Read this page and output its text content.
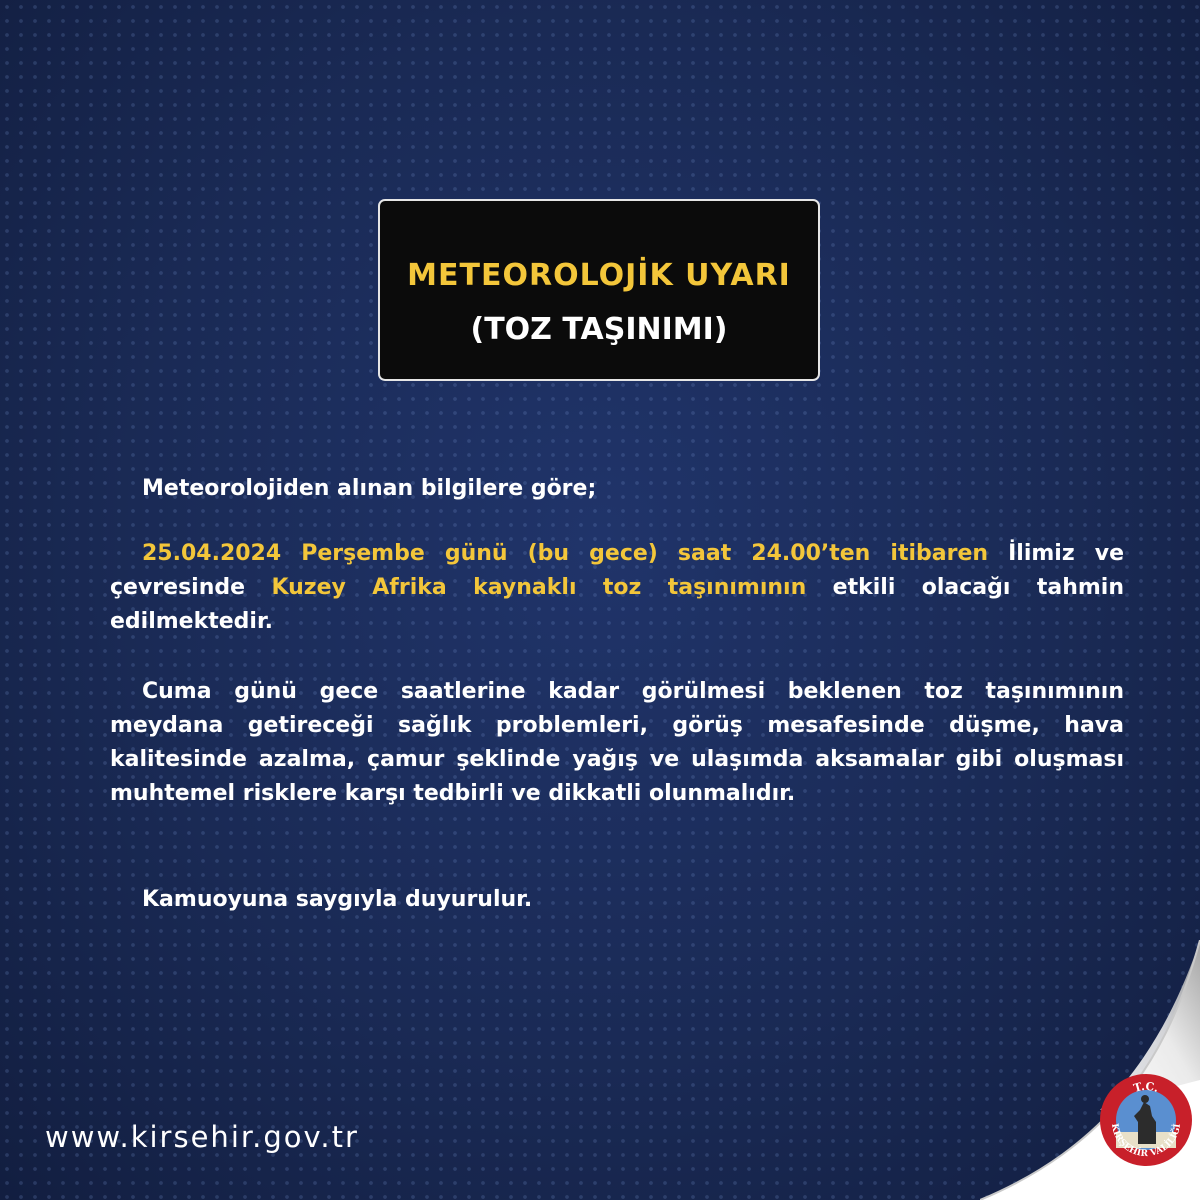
METEOROLOJİK UYARI
(TOZ TAŞINIMI)

Meteorolojiden alınan bilgilere göre;

25.04.2024 Perşembe günü (bu gece) saat 24.00’ten itibaren İlimiz ve çevresinde Kuzey Afrika kaynaklı toz taşınımının etkili olacağı tahmin edilmektedir.

Cuma günü gece saatlerine kadar görülmesi beklenen toz taşınımının meydana getireceği sağlık problemleri, görüş mesafesinde düşme, hava kalitesinde azalma, çamur şeklinde yağış ve ulaşımda aksamalar gibi oluşması muhtemel risklere karşı tedbirli ve dikkatli olunmalıdır.

Kamuoyuna saygıyla duyurulur.

www.kirsehir.gov.tr
T.C.
KIRŞEHİR VALİLİĞİ
